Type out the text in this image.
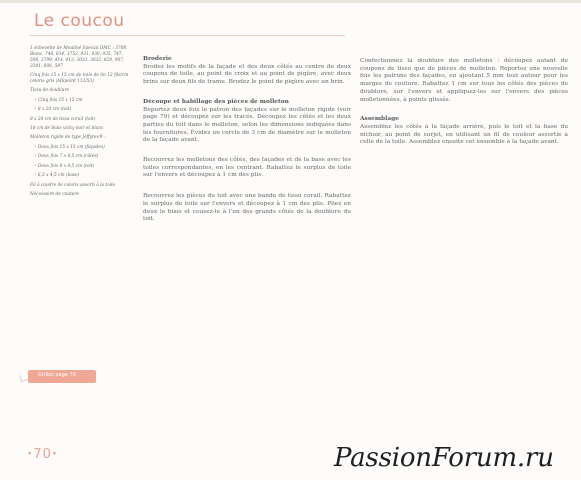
Le coucou
1 échevette de Mouliné Spécial DMC : 3708, Blanc, 746, 834, 3752, 931, 930, 935, 747, 598, 3799, 414, 413, 3033, 3032, 829, 967, 3341, 608, 597
Cinq fois 15 x 15 cm de toile de lin 12 fils/cm coloris gris (Milpoint 112/53)
Tissu de doublure
• Cinq fois 15 x 15 cm
• 8 x 20 cm (toit)
8 x 20 cm de tissu corail (toit)
18 cm de biais vichy noir et blanc
Molleton rigide de type Jeffytex® :
• Deux fois 15 x 15 cm (façades)
• Deux fois 7 x 4,5 cm (côtés)
• Deux fois 8 x 4,5 cm (toit)
• 6,5 x 4,5 cm (base)
Fil à coudre de coloris assorti à la toile
Nécessaire de couture
Grilles page 76
•70•

Broderie

Brodez les motifs de la façade et des deux côtés au centre de deux coupons de toile, au point de croix et au point de piqûre, avec deux brins sur deux fils de trame. Brodez le point de piqûre avec un brin.

Découpe et habillage des pièces de molleton

Reportez deux fois le patron des façades sur le molleton rigide (voir page 79) et découpez sur les tracés. Découpez les côtés et les deux parties du toit dans le molleton, selon les dimensions indiquées dans les fournitures. Évidez un cercle de 3 cm de diamètre sur le molleton de la façade avant.

Recouvrez les molletons des côtés, des façades et de la base avec les toiles correspondantes, en les centrant. Rabattez le surplus de toile sur l'envers et découpez à 1 cm des plis.

Recouvrez les pièces du toit avec une bande de tissu corail. Rabattez le surplus de toile sur l'envers et découpez à 1 cm des plis. Pliez en deux le biais et cousez-le à l'un des grands côtés de la doublure du toit.

Confectionnez la doublure des molletons : découpez autant de coupons de tissu que de pièces de molleton. Reportez une nouvelle fois les patrons des façades, en ajoutant 5 mm tout autour pour les marges de couture. Rabattez 1 cm sur tous les côtés des pièces de doublure, sur l'envers et appliquez-les sur l'envers des pièces molletonnées, à points glissés.

Assemblage

Assemblez les côtés à la façade arrière, puis le toit et la base du nichoir, au point de surjet, en utilisant un fil de couleur assortie à celle de la toile. Assemblez ensuite cet ensemble à la façade avant.

PassionForum.ru
